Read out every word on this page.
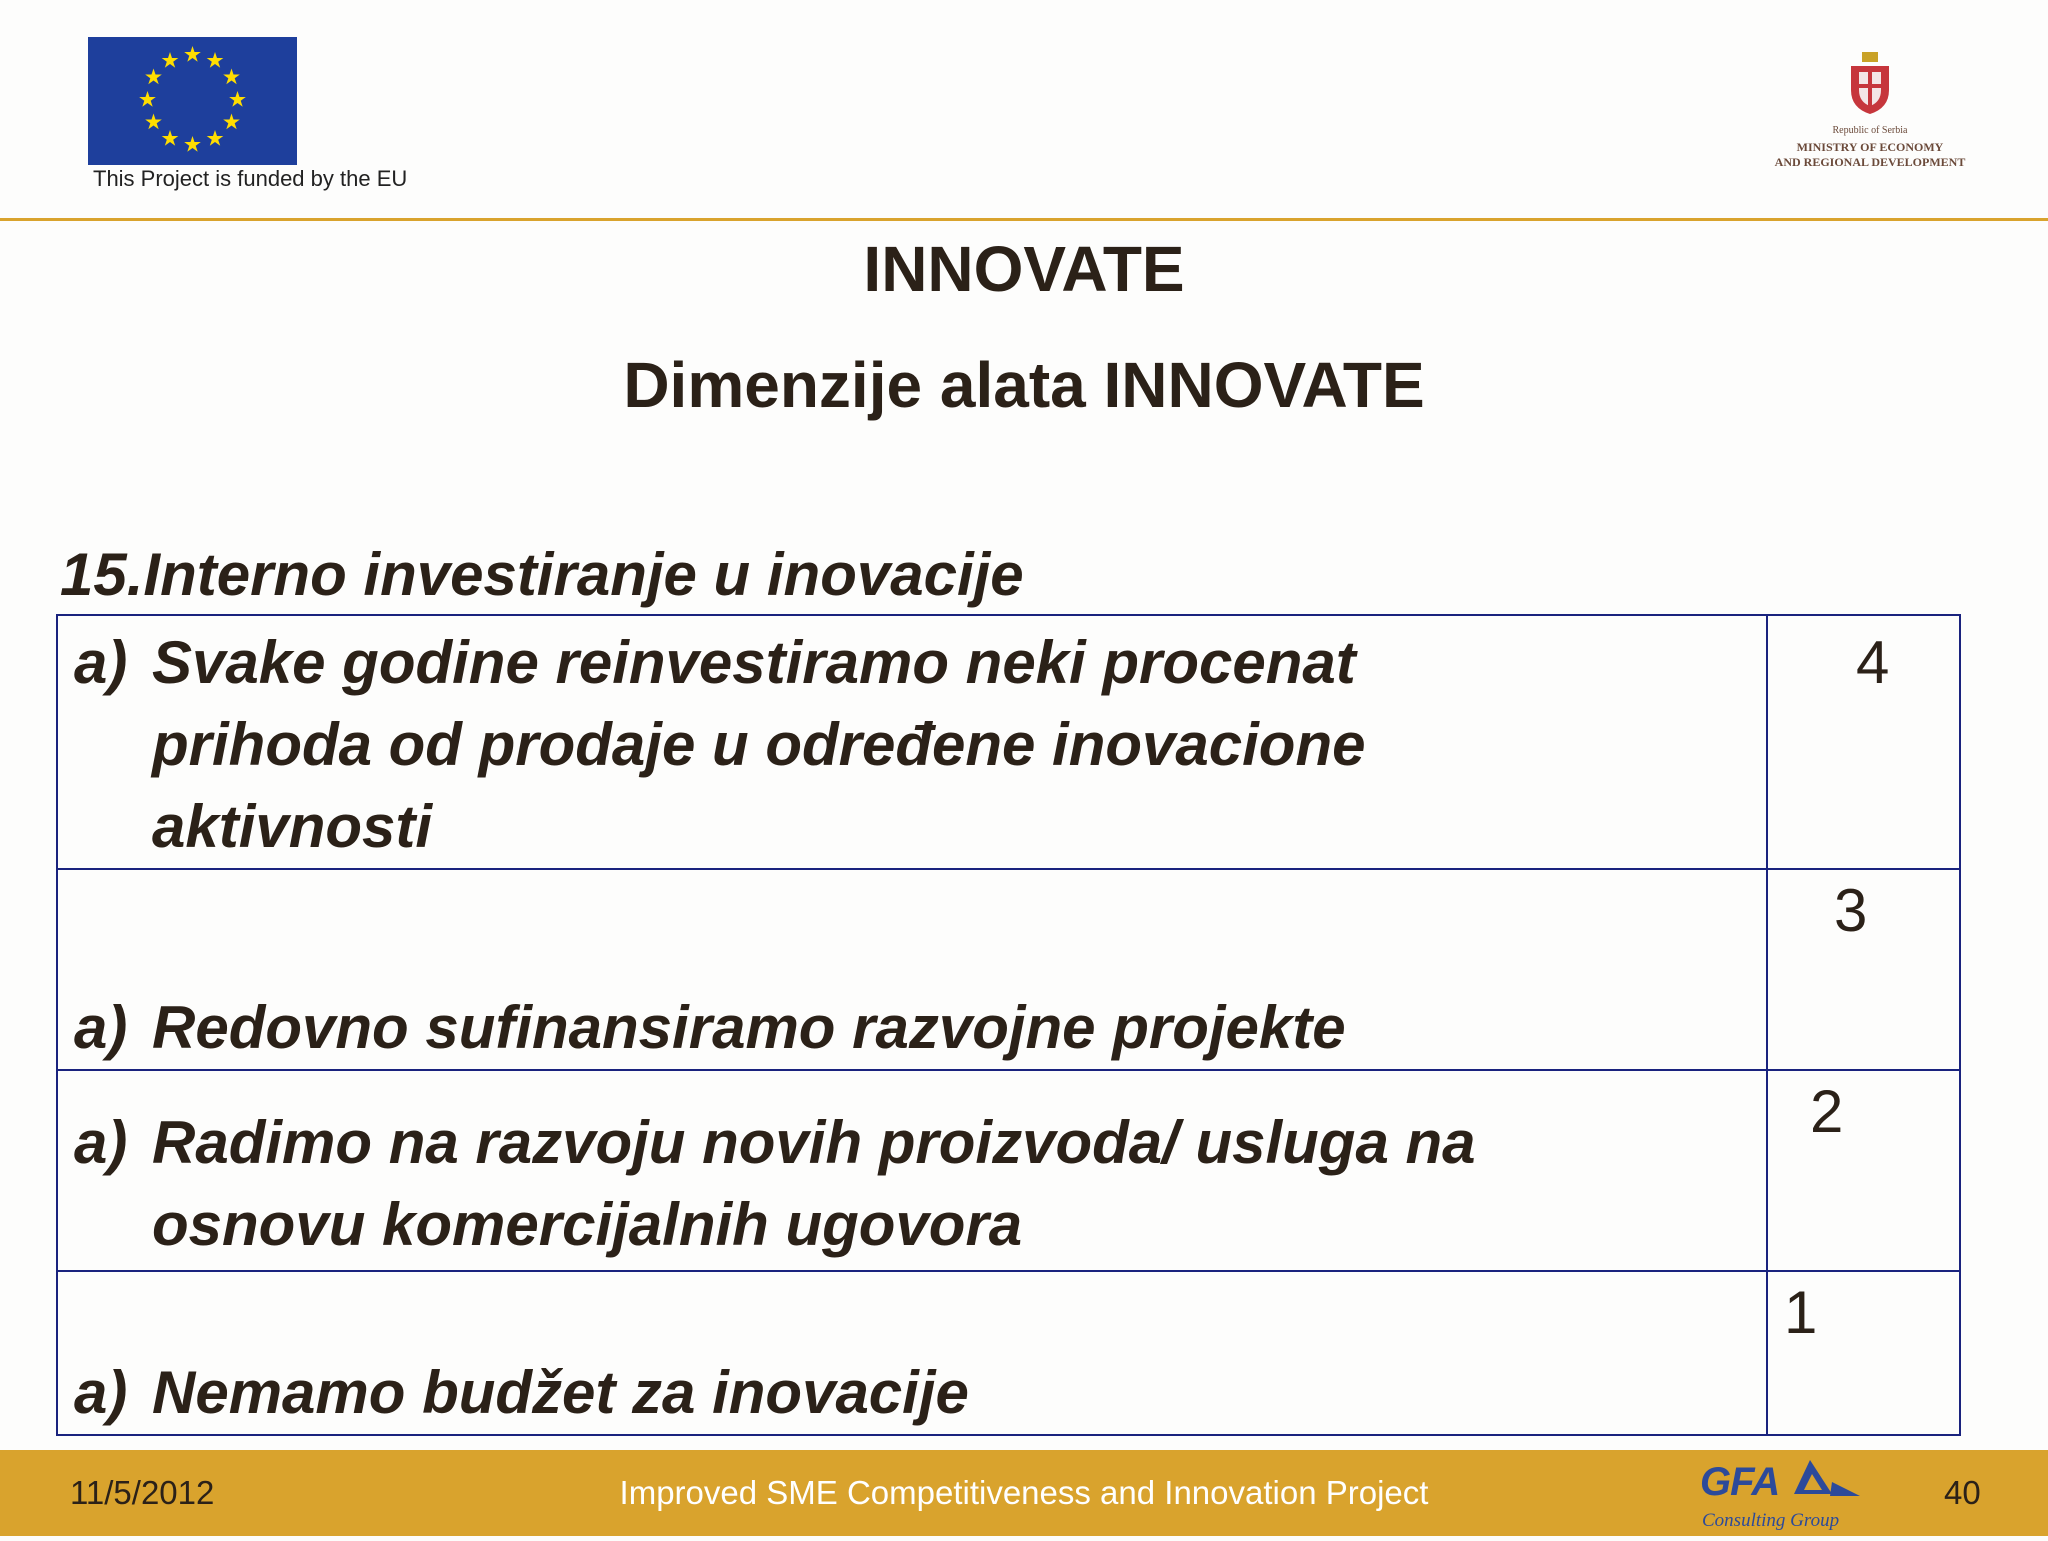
This Project is funded by the EU
Republic of Serbia
MINISTRY OF ECONOMY
AND REGIONAL DEVELOPMENT
INNOVATE
Dimenzije alata INNOVATE
15.Interno investiranje u inovacije
a) Svake godine reinvestiramo neki procenat
prihoda od prodaje u određene inovacione
aktivnosti	4

a) Redovno sufinansiramo razvojne projekte	3

a) Radimo na razvoju novih proizvoda/ usluga na
osnovu komercijalnih ugovora	2

a) Nemamo budžet za inovacije	1
11/5/2012	Improved SME Competitiveness and Innovation Project	GFA
Consulting Group
40
